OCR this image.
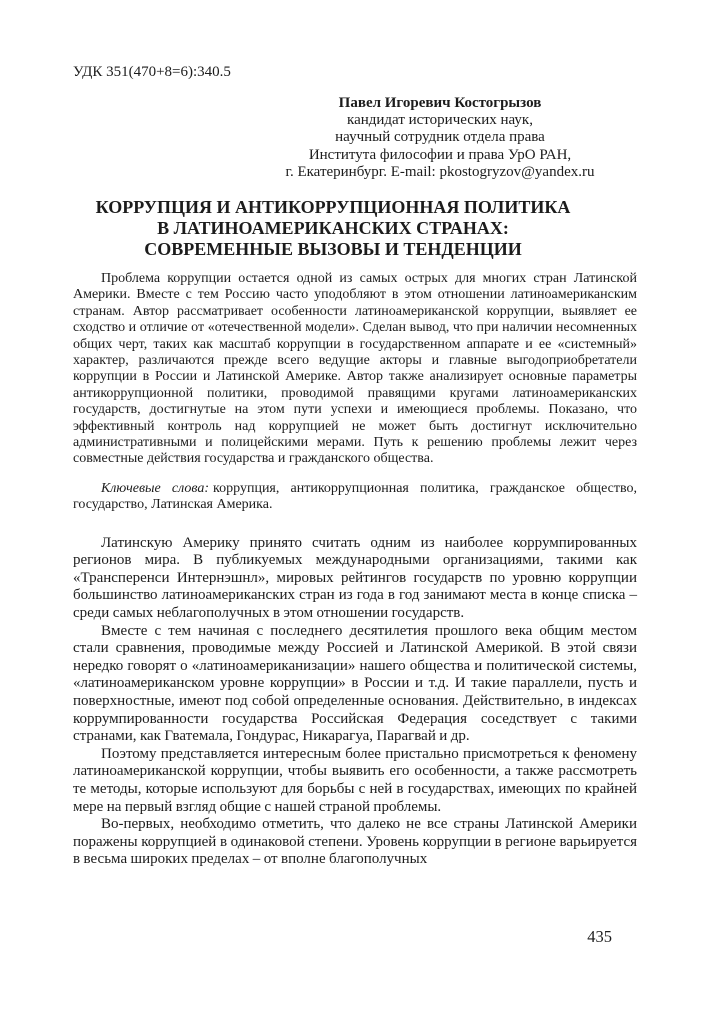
УДК 351(470+8=6):340.5
Павел Игоревич Костогрызов
кандидат исторических наук,
научный сотрудник отдела права
Института философии и права УрО РАН,
г. Екатеринбург. E-mail: pkostogryzov@yandex.ru
КОРРУПЦИЯ И АНТИКОРРУПЦИОННАЯ ПОЛИТИКА
В ЛАТИНОАМЕРИКАНСКИХ СТРАНАХ:
СОВРЕМЕННЫЕ ВЫЗОВЫ И ТЕНДЕНЦИИ

Проблема коррупции остается одной из самых острых для многих стран Латинской Америки. Вместе с тем Россию часто уподобляют в этом отношении латиноамериканским странам. Автор рассматривает особенности латиноамериканской коррупции, выявляет ее сходство и отличие от «отечественной модели». Сделан вывод, что при наличии несомненных общих черт, таких как масштаб коррупции в государственном аппарате и ее «системный» характер, различаются прежде всего ведущие акторы и главные выгодоприобретатели коррупции в России и Латинской Америке. Автор также анализирует основные параметры антикоррупционной политики, проводимой правящими кругами латиноамериканских государств, достигнутые на этом пути успехи и имеющиеся проблемы. Показано, что эффективный контроль над коррупцией не может быть достигнут исключительно административными и полицейскими мерами. Путь к решению проблемы лежит через совместные действия государства и гражданского общества.

Ключевые слова: коррупция, антикоррупционная политика, гражданское общество, государство, Латинская Америка.

Латинскую Америку принято считать одним из наиболее коррумпированных регионов мира. В публикуемых международными организациями, такими как «Трансперенси Интернэшнл», мировых рейтингов государств по уровню коррупции большинство латиноамериканских стран из года в год занимают места в конце списка – среди самых неблагополучных в этом отношении государств.

Вместе с тем начиная с последнего десятилетия прошлого века общим местом стали сравнения, проводимые между Россией и Латинской Америкой. В этой связи нередко говорят о «латиноамериканизации» нашего общества и политической системы, «латиноамериканском уровне коррупции» в России и т.д. И такие параллели, пусть и поверхностные, имеют под собой определенные основания. Действительно, в индексах коррумпированности государства Российская Федерация соседствует с такими странами, как Гватемала, Гондурас, Никарагуа, Парагвай и др.

Поэтому представляется интересным более пристально присмотреться к феномену латиноамериканской коррупции, чтобы выявить его особенности, а также рассмотреть те методы, которые используют для борьбы с ней в государствах, имеющих по крайней мере на первый взгляд общие с нашей страной проблемы.

Во-первых, необходимо отметить, что далеко не все страны Латинской Америки поражены коррупцией в одинаковой степени. Уровень коррупции в регионе варьируется в весьма широких пределах – от вполне благополучных

435
